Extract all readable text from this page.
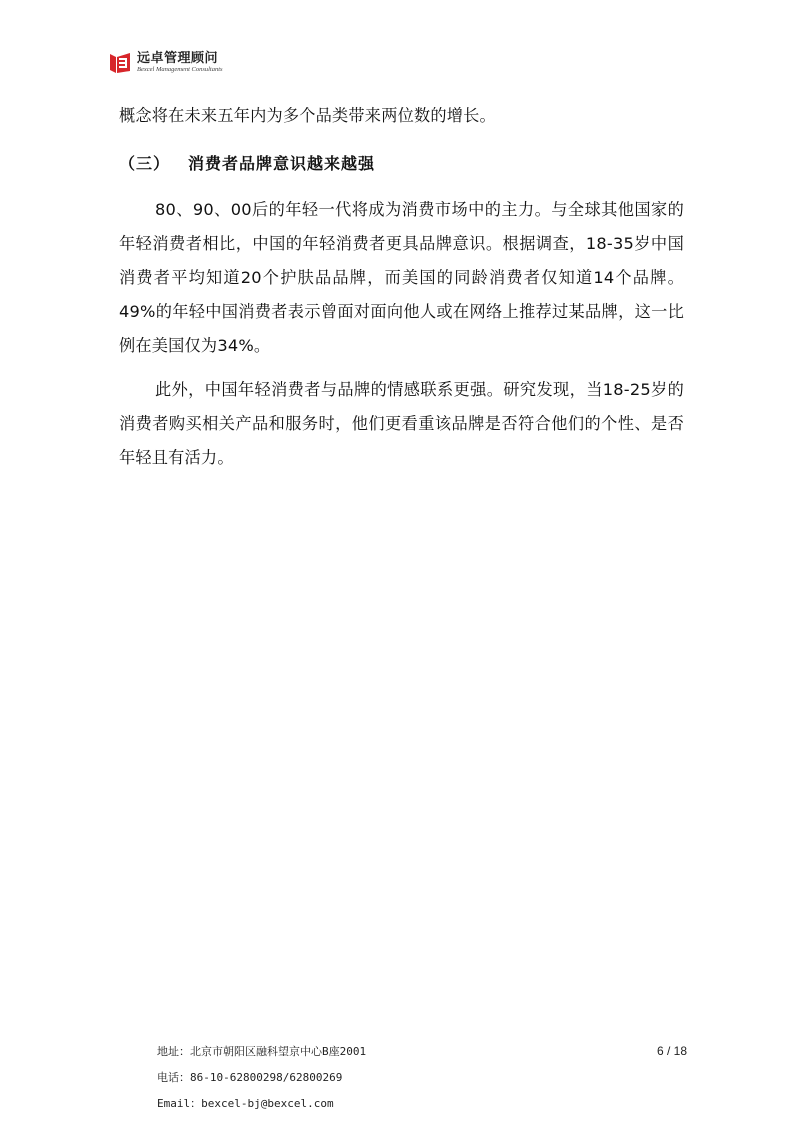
远卓管理顾问
Bexcel Management Consultants

概念将在未来五年内为多个品类带来两位数的增长。

（三） 消费者品牌意识越来越强

80、90、00后的年轻一代将成为消费市场中的主力。与全球其他国家的年轻消费者相比，中国的年轻消费者更具品牌意识。根据调查，18-35岁中国消费者平均知道20个护肤品品牌，而美国的同龄消费者仅知道14个品牌。49%的年轻中国消费者表示曾面对面向他人或在网络上推荐过某品牌，这一比例在美国仅为34%。

此外，中国年轻消费者与品牌的情感联系更强。研究发现，当18-25岁的消费者购买相关产品和服务时，他们更看重该品牌是否符合他们的个性、是否年轻且有活力。

地址：北京市朝阳区融科望京中心B座2001
电话：86-10-62800298/62800269
Email：bexcel-bj@bexcel.com
6 / 18
